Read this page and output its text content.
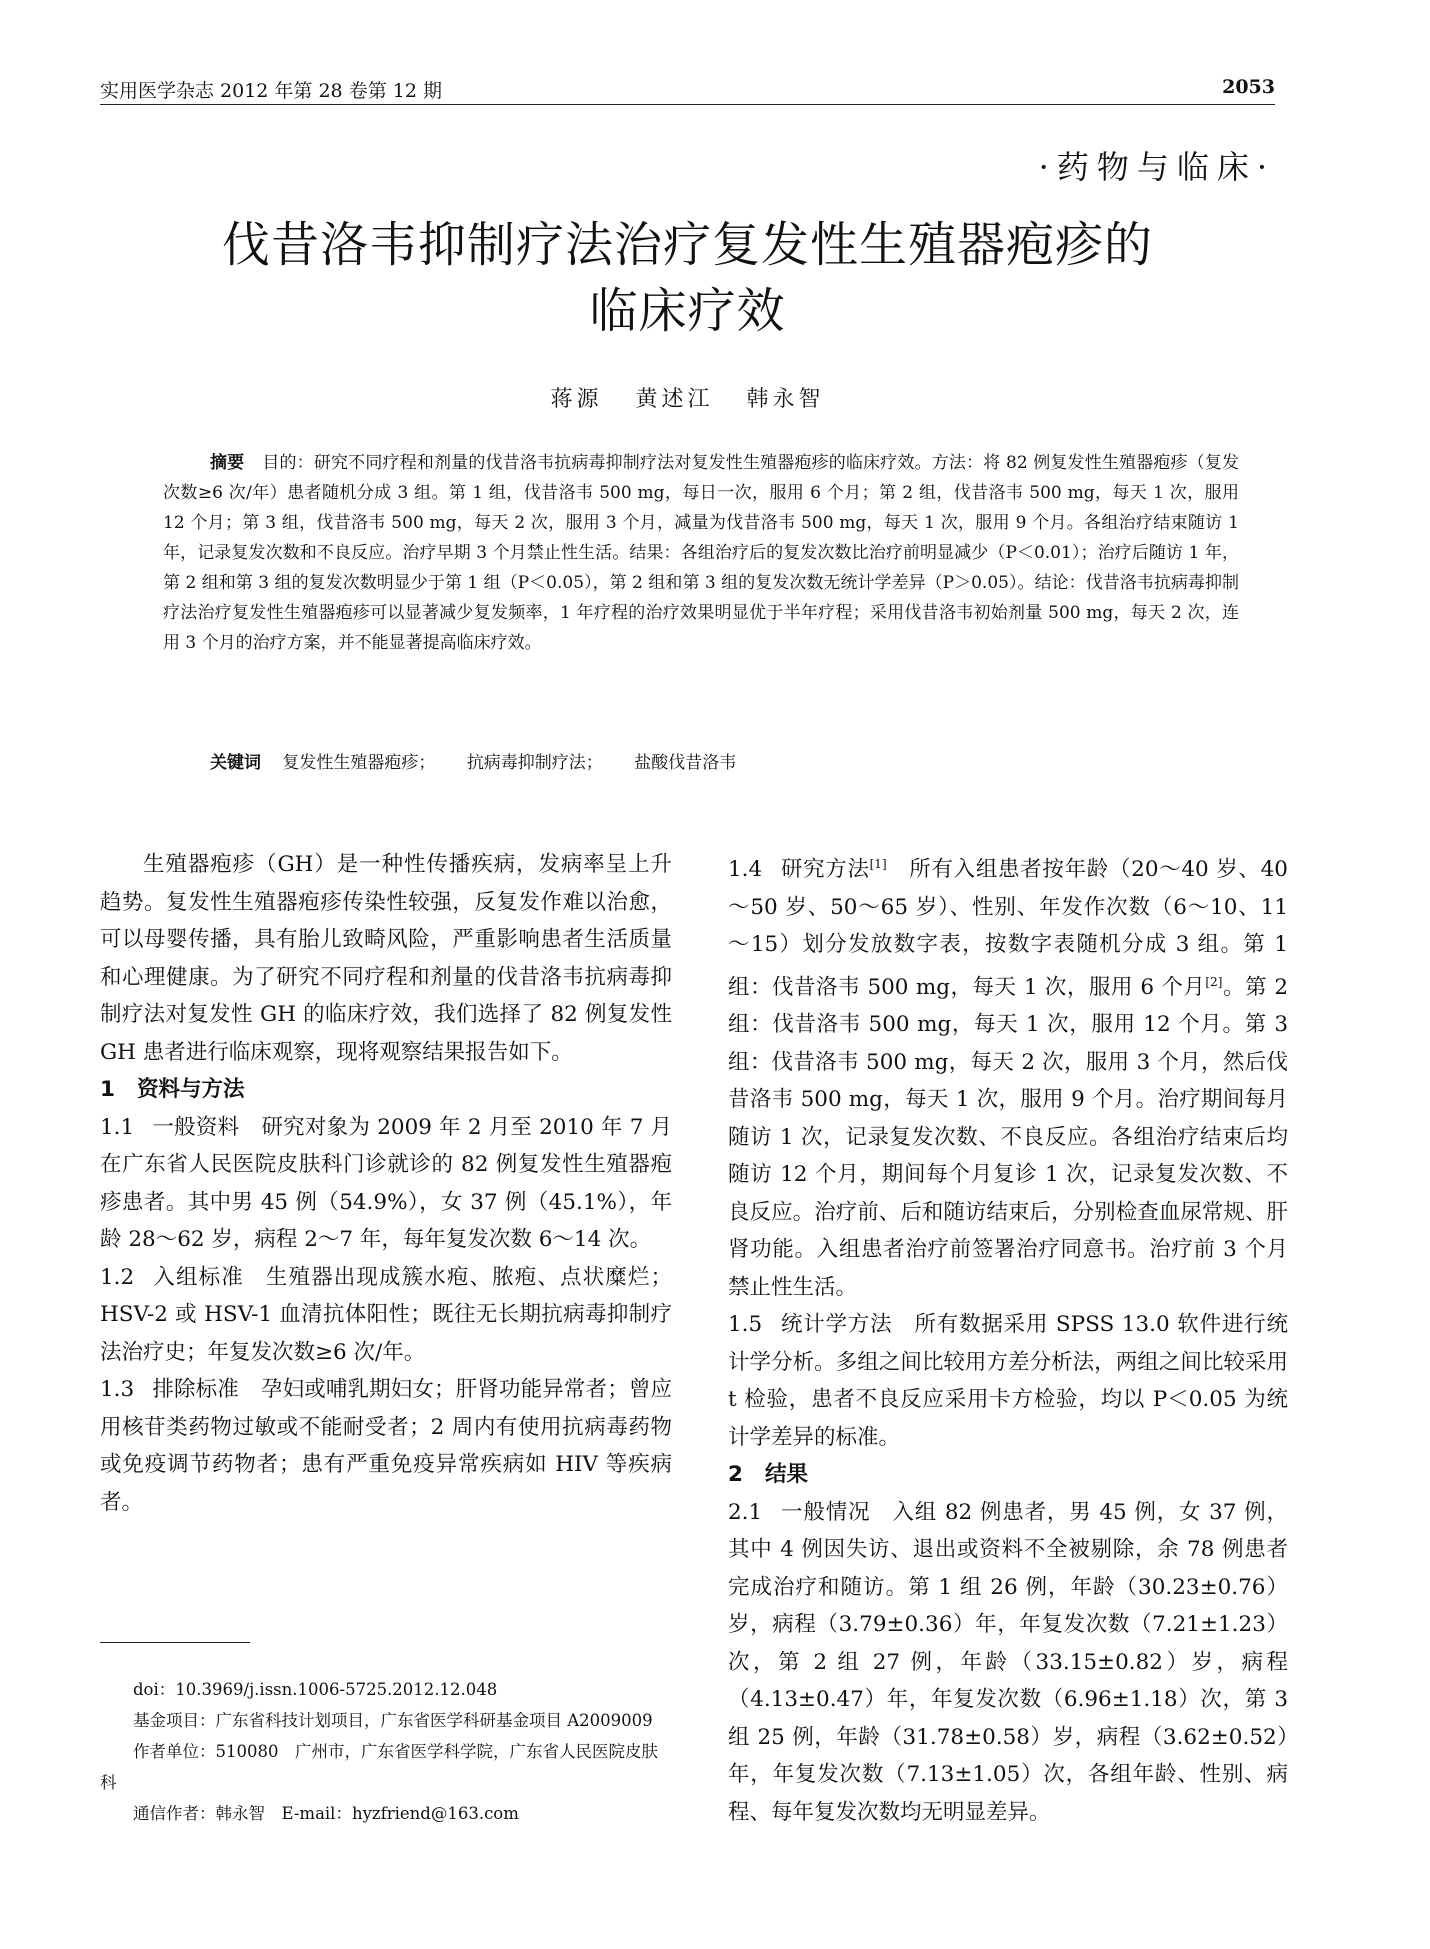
实用医学杂志 2012 年第 28 卷第 12 期	2053
·药物与临床·
伐昔洛韦抑制疗法治疗复发性生殖器疱疹的
临床疗效
蒋源 黄述江 韩永智
摘要 目的：研究不同疗程和剂量的伐昔洛韦抗病毒抑制疗法对复发性生殖器疱疹的临床疗效。方法：将 82 例复发性生殖器疱疹（复发次数≥6 次/年）患者随机分成 3 组。第 1 组，伐昔洛韦 500 mg，每日一次，服用 6 个月；第 2 组，伐昔洛韦 500 mg，每天 1 次，服用 12 个月；第 3 组，伐昔洛韦 500 mg，每天 2 次，服用 3 个月，减量为伐昔洛韦 500 mg，每天 1 次，服用 9 个月。各组治疗结束随访 1 年，记录复发次数和不良反应。治疗早期 3 个月禁止性生活。结果：各组治疗后的复发次数比治疗前明显减少（P＜0.01）；治疗后随访 1 年，第 2 组和第 3 组的复发次数明显少于第 1 组（P＜0.05），第 2 组和第 3 组的复发次数无统计学差异（P＞0.05）。结论：伐昔洛韦抗病毒抑制疗法治疗复发性生殖器疱疹可以显著减少复发频率，1 年疗程的治疗效果明显优于半年疗程；采用伐昔洛韦初始剂量 500 mg，每天 2 次，连用 3 个月的治疗方案，并不能显著提高临床疗效。
关键词 复发性生殖器疱疹； 抗病毒抑制疗法； 盐酸伐昔洛韦

生殖器疱疹（GH）是一种性传播疾病，发病率呈上升趋势。复发性生殖器疱疹传染性较强，反复发作难以治愈，可以母婴传播，具有胎儿致畸风险，严重影响患者生活质量和心理健康。为了研究不同疗程和剂量的伐昔洛韦抗病毒抑制疗法对复发性 GH 的临床疗效，我们选择了 82 例复发性 GH 患者进行临床观察，现将观察结果报告如下。

1 资料与方法

1.1 一般资料 研究对象为 2009 年 2 月至 2010 年 7 月在广东省人民医院皮肤科门诊就诊的 82 例复发性生殖器疱疹患者。其中男 45 例（54.9%），女 37 例（45.1%），年龄 28～62 岁，病程 2～7 年，每年复发次数 6～14 次。

1.2 入组标准 生殖器出现成簇水疱、脓疱、点状糜烂；HSV-2 或 HSV-1 血清抗体阳性；既往无长期抗病毒抑制疗法治疗史；年复发次数≥6 次/年。

1.3 排除标准 孕妇或哺乳期妇女；肝肾功能异常者；曾应用核苷类药物过敏或不能耐受者；2 周内有使用抗病毒药物或免疫调节药物者；患有严重免疫异常疾病如 HIV 等疾病者。

doi：10.3969/j.issn.1006-5725.2012.12.048

基金项目：广东省科技计划项目，广东省医学科研基金项目 A2009009

作者单位：510080　广州市，广东省医学科学院，广东省人民医院皮肤科

通信作者：韩永智　E-mail：hyzfriend@163.com

1.4 研究方法[1] 所有入组患者按年龄（20～40 岁、40～50 岁、50～65 岁）、性别、年发作次数（6～10、11～15）划分发放数字表，按数字表随机分成 3 组。第 1 组：伐昔洛韦 500 mg，每天 1 次，服用 6 个月[2]。第 2 组：伐昔洛韦 500 mg，每天 1 次，服用 12 个月。第 3 组：伐昔洛韦 500 mg，每天 2 次，服用 3 个月，然后伐昔洛韦 500 mg，每天 1 次，服用 9 个月。治疗期间每月随访 1 次，记录复发次数、不良反应。各组治疗结束后均随访 12 个月，期间每个月复诊 1 次，记录复发次数、不良反应。治疗前、后和随访结束后，分别检查血尿常规、肝肾功能。入组患者治疗前签署治疗同意书。治疗前 3 个月禁止性生活。

1.5 统计学方法 所有数据采用 SPSS 13.0 软件进行统计学分析。多组之间比较用方差分析法，两组之间比较采用 t 检验，患者不良反应采用卡方检验，均以 P＜0.05 为统计学差异的标准。

2 结果

2.1 一般情况 入组 82 例患者，男 45 例，女 37 例，其中 4 例因失访、退出或资料不全被剔除，余 78 例患者完成治疗和随访。第 1 组 26 例，年龄（30.23±0.76）岁，病程（3.79±0.36）年，年复发次数（7.21±1.23）次，第 2 组 27 例，年龄（33.15±0.82）岁，病程（4.13±0.47）年，年复发次数（6.96±1.18）次，第 3 组 25 例，年龄（31.78±0.58）岁，病程（3.62±0.52）年，年复发次数（7.13±1.05）次，各组年龄、性别、病程、每年复发次数均无明显差异。
